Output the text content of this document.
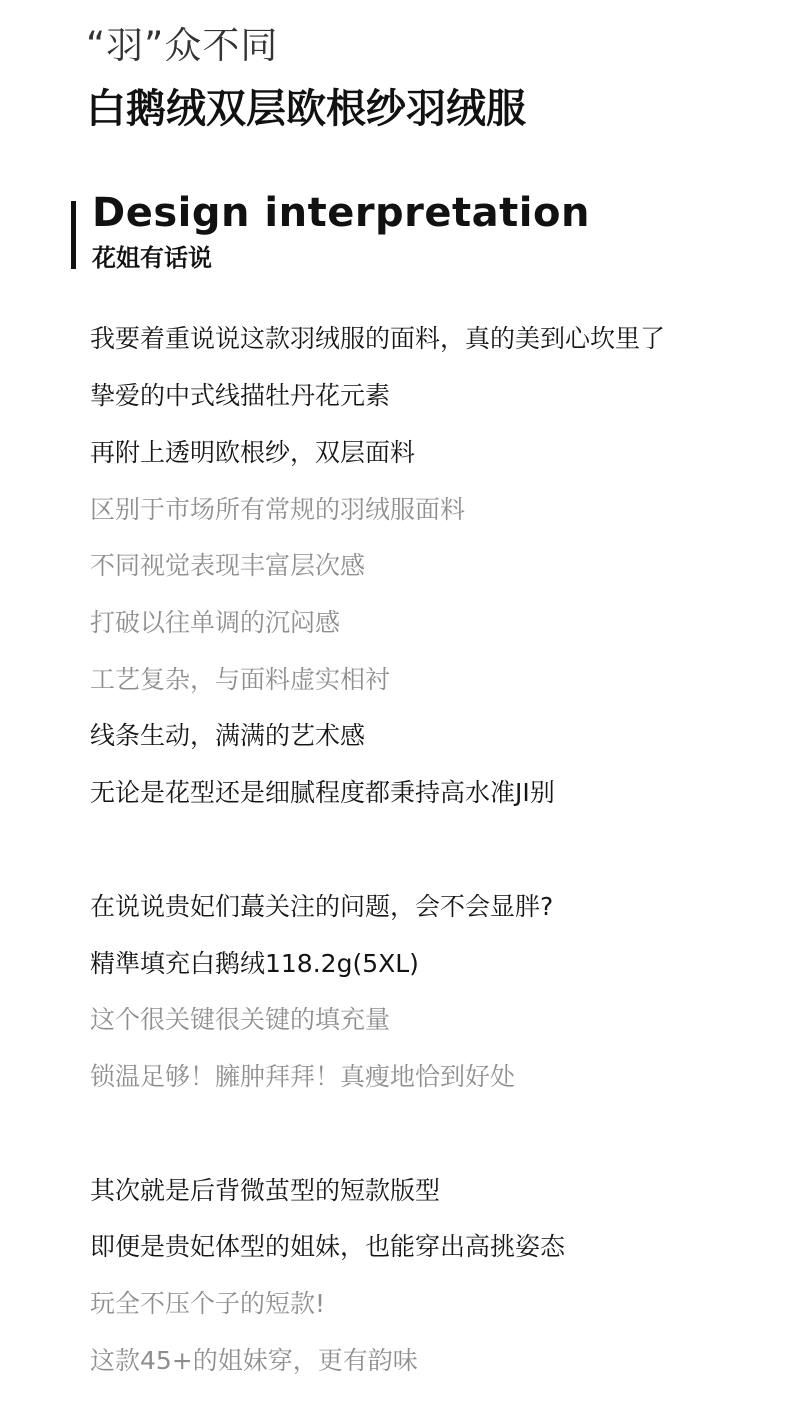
“羽”众不同
白鹅绒双层欧根纱羽绒服
Design interpretation
花姐有话说
我要着重说说这款羽绒服的面料，真的美到心坎里了
挚爱的中式线描牡丹花元素
再附上透明欧根纱，双层面料
区别于市场所有常规的羽绒服面料
不同视觉表现丰富层次感
打破以往单调的沉闷感
工艺复杂，与面料虚实相衬
线条生动，满满的艺术感
无论是花型还是细腻程度都秉持高水准JI别
在说说贵妃们蕞关注的问题，会不会显胖?
精準填充白鹅绒118.2g(5XL)
这个很关键很关键的填充量
锁温足够！臃肿拜拜！真瘦地恰到好处
其次就是后背微茧型的短款版型
即便是贵妃体型的姐妹，也能穿出高挑姿态
玩全不压个子的短款!
这款45+的姐妹穿，更有韵味
